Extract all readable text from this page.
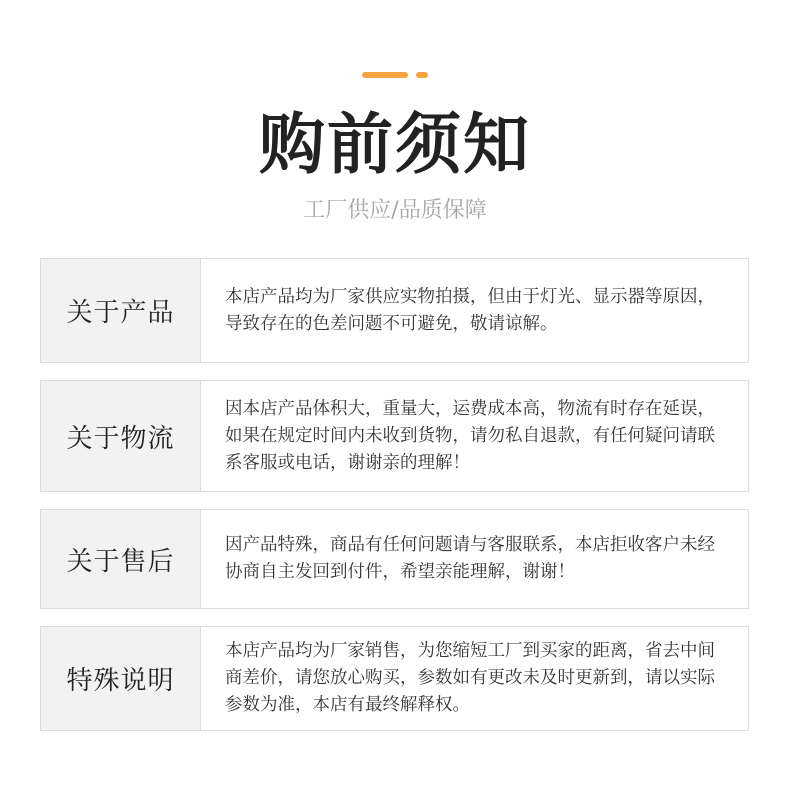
购前须知
工厂供应/品质保障
关于产品
本店产品均为厂家供应实物拍摄，但由于灯光、显示器等原因，导致存在的色差问题不可避免，敬请谅解。
关于物流
因本店产品体积大，重量大，运费成本高，物流有时存在延误，如果在规定时间内未收到货物，请勿私自退款，有任何疑问请联系客服或电话，谢谢亲的理解！
关于售后
因产品特殊，商品有任何问题请与客服联系，本店拒收客户未经协商自主发回到付件，希望亲能理解，谢谢！
特殊说明
本店产品均为厂家销售，为您缩短工厂到买家的距离，省去中间商差价，请您放心购买，参数如有更改未及时更新到，请以实际参数为准，本店有最终解释权。
